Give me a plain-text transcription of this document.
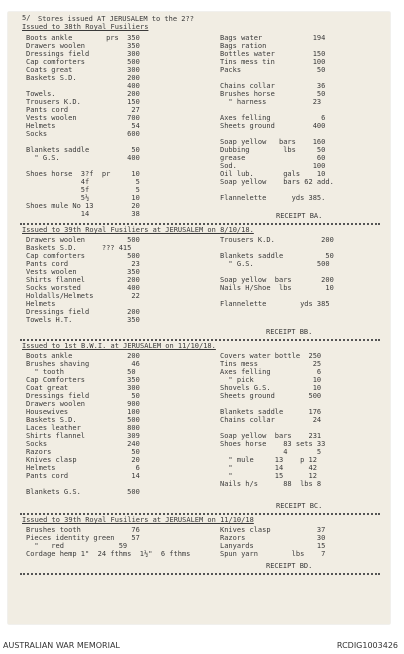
5/ Stores issued AT JERUSALEM to the 2??
Issued to 38th Royal Fusiliers
Boots ankle        prs  350
Drawers woolen          350
Dressings field         300
Cap comforters          500
Coats great             300
Baskets S.D.            200
400
Towels.                 200
Trousers K.D.           150
Pants cord               27
Vests woolen            700
Helmets                  54
Socks                   600

Blankets saddle          50
" G.S.                400

Shoes horse  3?f  pr     10
4f           5
5f           5
5½          10
Shoes mule No 13         20
14          38
Bags water            194
Bags ration
Bottles water         150
Tins mess tin         100
Packs                  50

Chains collar          36
Brushes horse          50
" harness           23

Axes felling            6
Sheets ground         400

Soap yellow   bars    160
Dubbing        lbs     50
grease                 60
Sod.                  100
Oil lub.       gals    10
Soap yellow    bars 62 add.

Flannelette      yds 385.
RECEIPT BA.
Issued to 39th Royal Fusiliers at JERUSALEM on 8/10/18.
Drawers woolen          500
Baskets S.D.      ??? 415
Cap comforters          500
Pants cord               23
Vests woolen            350
Shirts flannel          200
Socks worsted           400
Holdalls/Helmets         22
Helmets
Dressings field         200
Towels H.T.             350
Trousers K.D.           200

Blankets saddle          50
" G.S.               500

Soap yellow  bars       200
Nails H/Shoe  lbs        10

Flannelette        yds 385
RECEIPT BB.
Issued to 1st B.W.I. at JERUSALEM on 11/10/18.
Boots ankle             200
Brushes shaving          46
" tooth               50
Cap Comforters          350
Coat great              300
Dressings field          50
Drawers woolen          900
Housewives              100
Baskets S.D.            500
Laces leather           800
Shirts flannel          309
Socks                   240
Razors                   50
Knives clasp             20
Helmets                   6
Pants cord               14

Blankets G.S.           500
Covers water bottle  250
Tins mess             25
Axes felling           6
" pick              10
Shovels G.S.          10
Sheets ground        500

Blankets saddle      176
Chains collar         24

Soap yellow  bars    231
Shoes horse    83 sets 33
4       5
" mule     13    p 12
"          14      42
"          15      12
Nails h/s      88  lbs 8
RECEIPT BC.
Issued to 39th Royal Fusiliers at JERUSALEM on 11/10/18
Brushes tooth            76
Pieces identity green    57
"   red             59
Cordage hemp 1"  24 fthms  1½"  6 fthms
Knives clasp           37
Razors                 30
Lanyards               15
Spun yarn        lbs    7
RECEIPT BD.
AUSTRALIAN WAR MEMORIAL	RCDIG1003426
